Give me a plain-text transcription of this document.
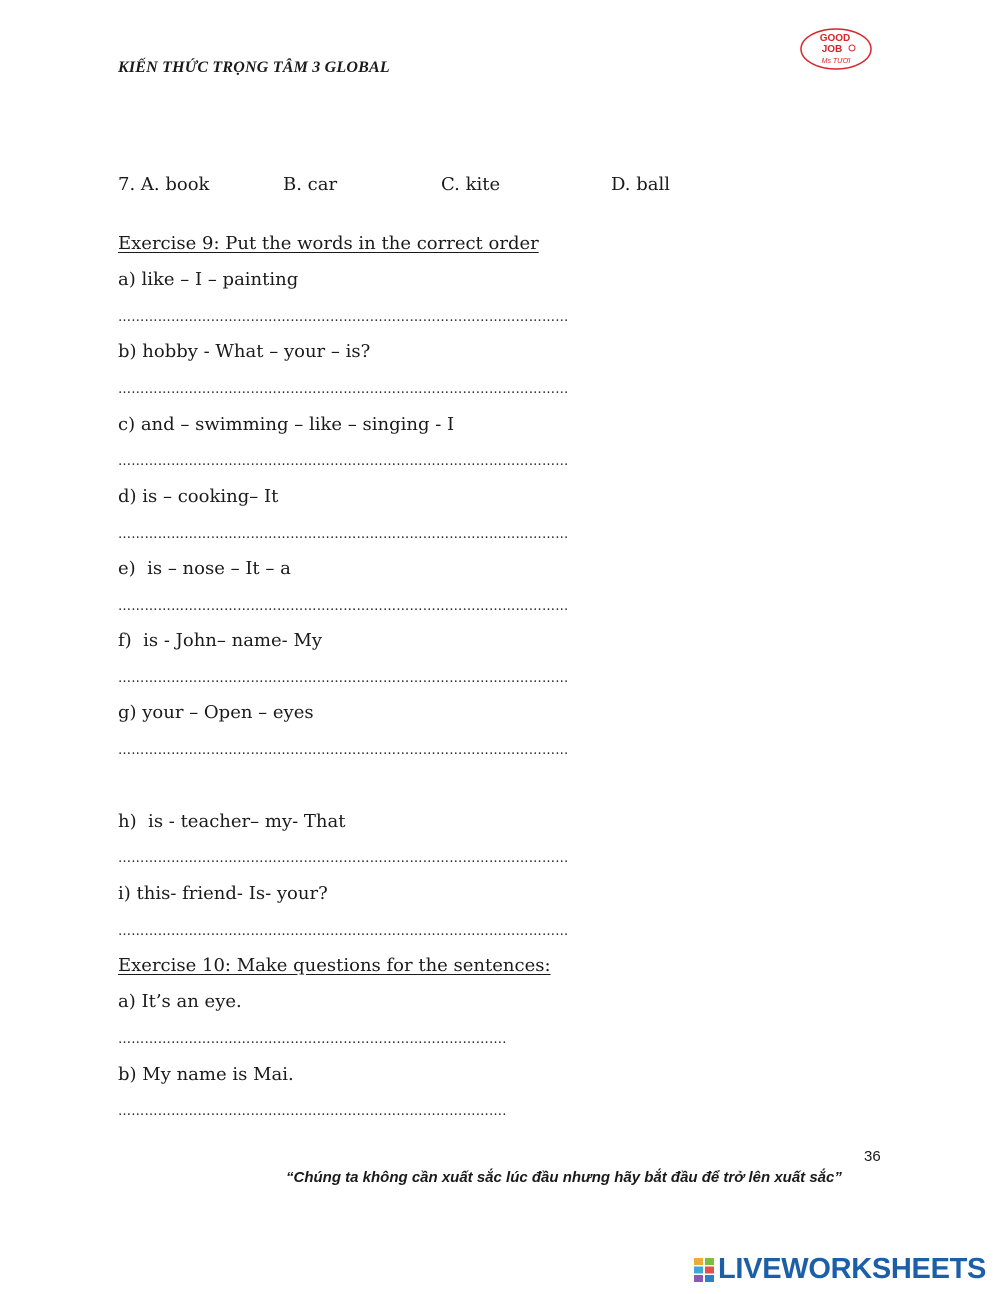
KIẾN THỨC TRỌNG TÂM 3 GLOBAL
GOOD
JOB
Ms TƯƠI
7. A. book	B. car	C. kite	D. ball
Exercise 9: Put the words in the correct order
a) like – I – painting
…………………………………………………………………………………………
b) hobby - What – your – is?
…………………………………………………………………………………………
c) and – swimming – like – singing - I
…………………………………………………………………………………………
d) is – cooking– It
…………………………………………………………………………………………
e)  is – nose – It – a
…………………………………………………………………………………………
f)  is - John– name- My
…………………………………………………………………………………………
g) your – Open – eyes
…………………………………………………………………………………………
h)  is - teacher– my- That
…………………………………………………………………………………………
i) this- friend- Is- your?
…………………………………………………………………………………………
Exercise 10: Make questions for the sentences:
a) It’s an eye.
…………………………………………………………………………….
b) My name is Mai.
…………………………………………………………………………….
36
“Chúng ta không cần xuất sắc lúc đầu nhưng hãy bắt đầu để trở lên xuất sắc”
LIVEWORKSHEETS
